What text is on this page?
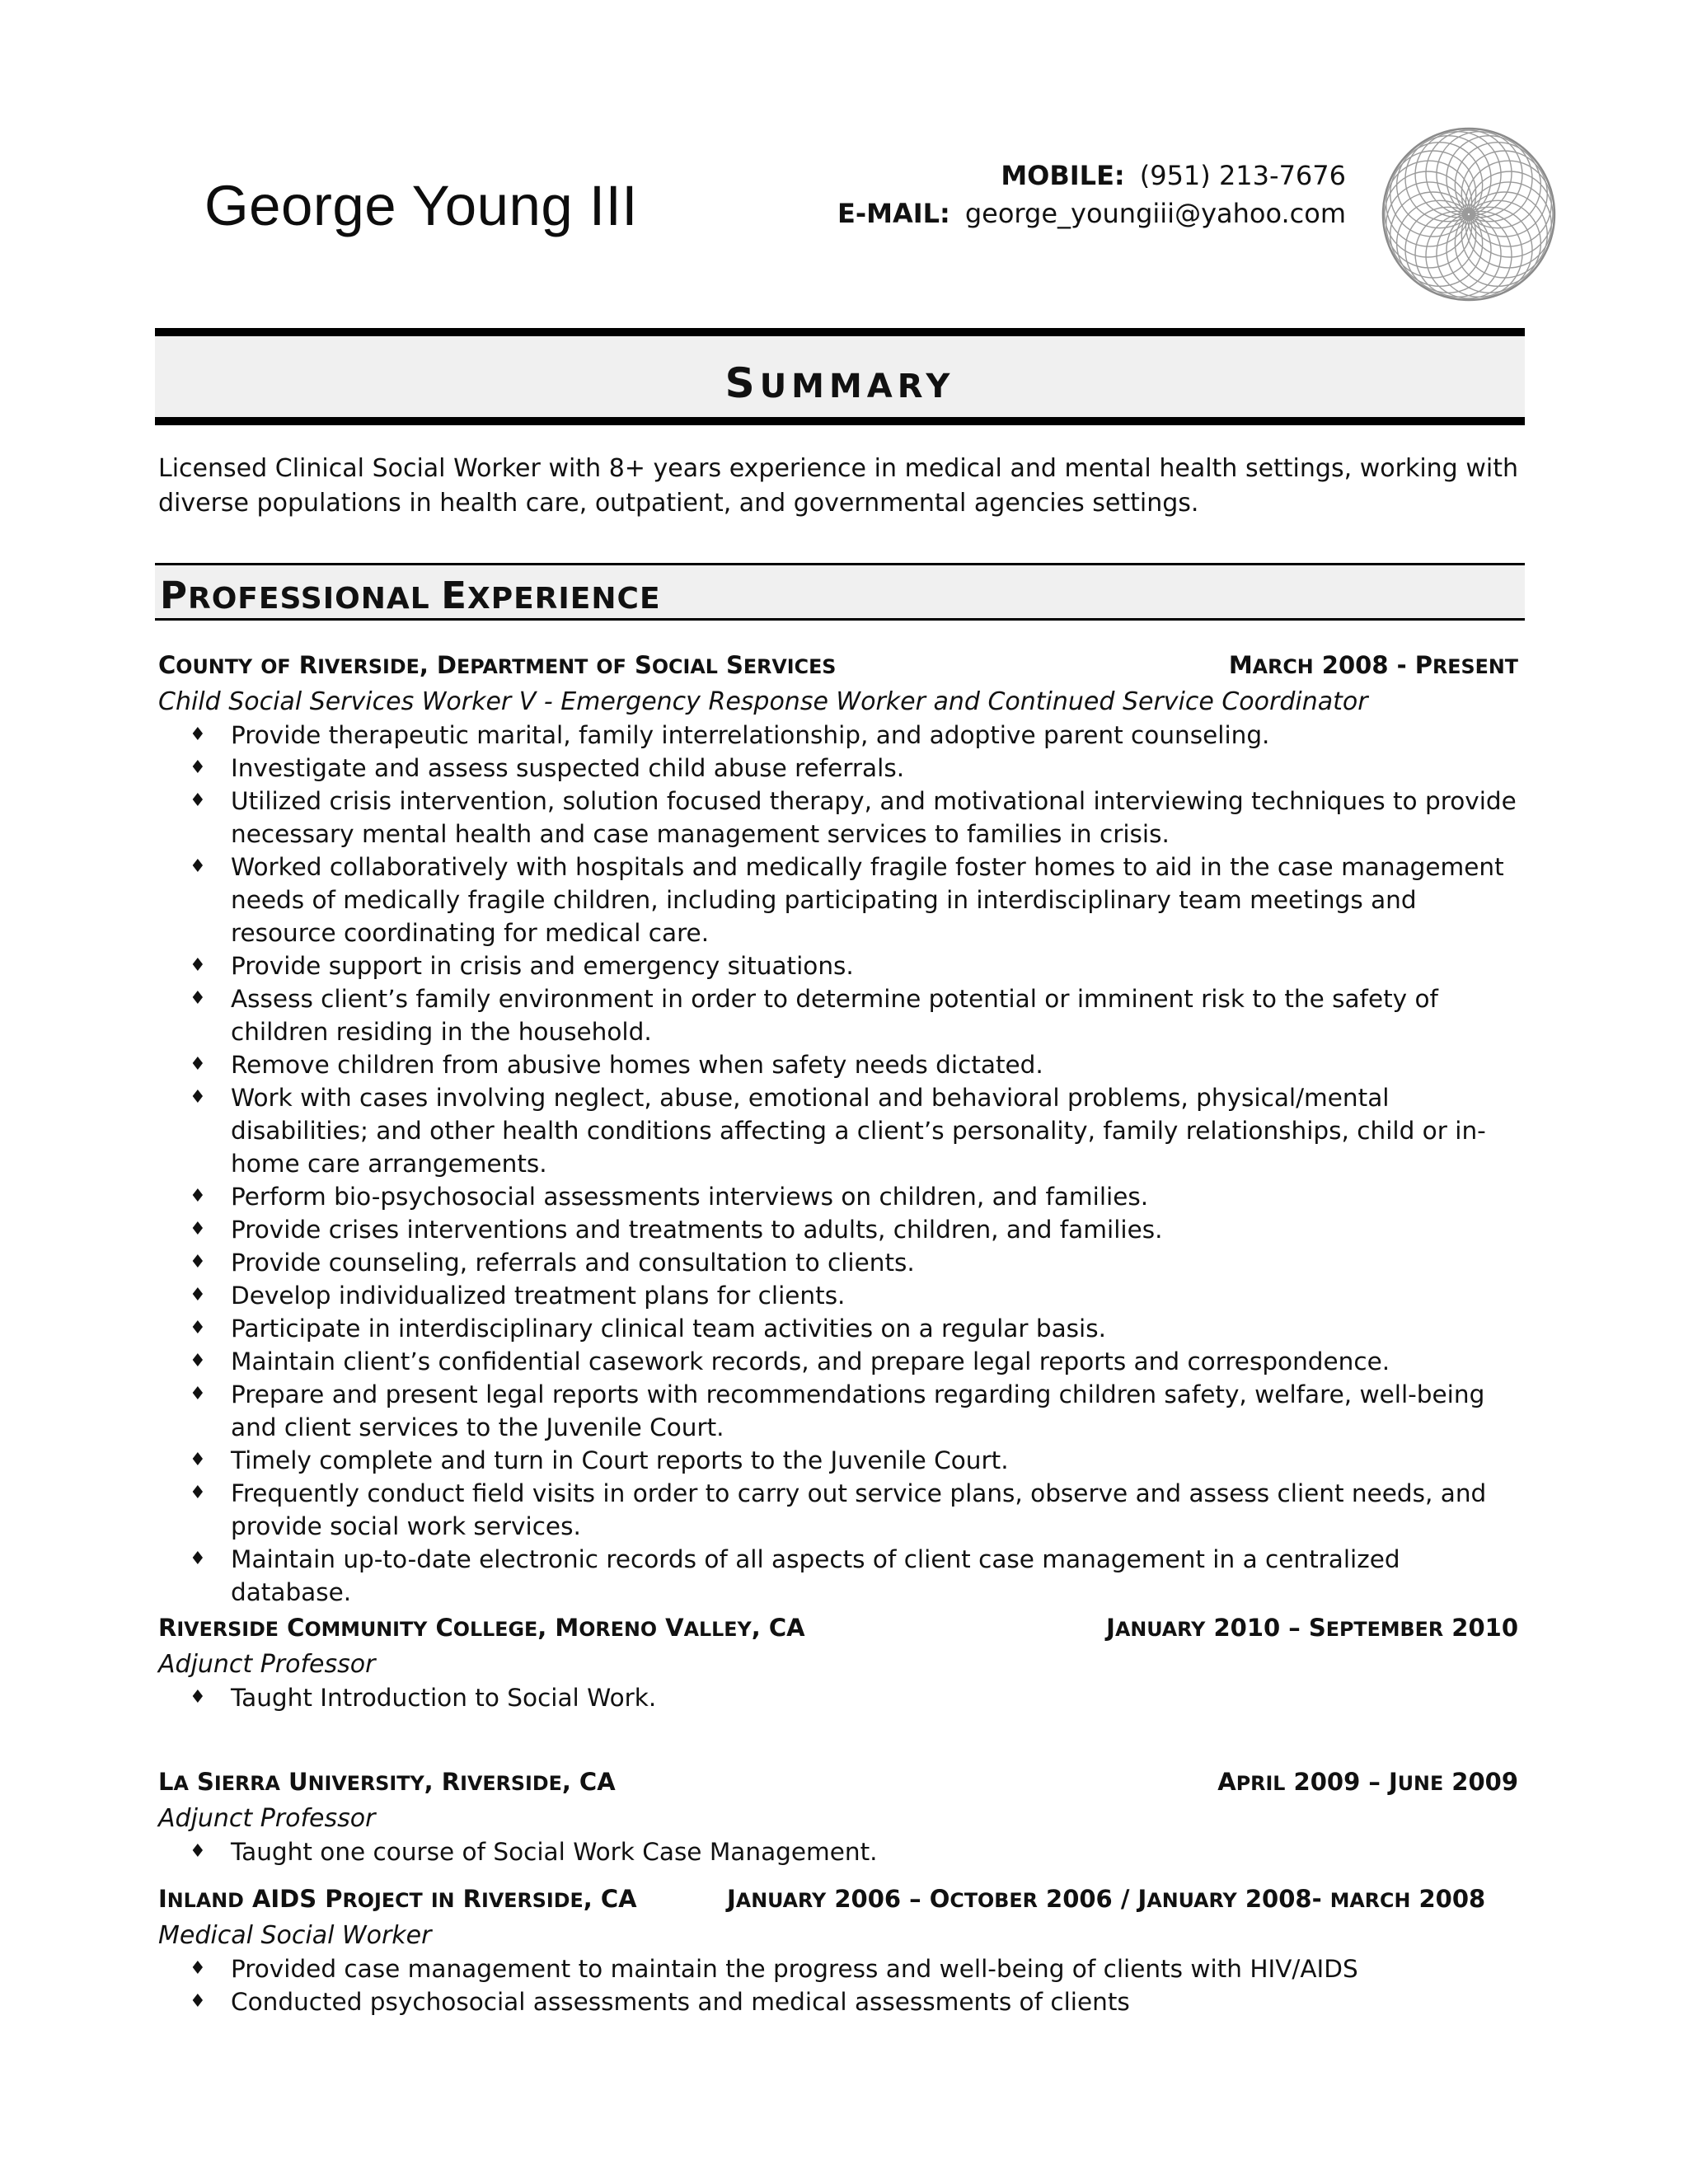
George Young III	MOBILE: (951) 213-7676
E-MAIL: george_youngiii@yahoo.com
SUMMARY
Licensed Clinical Social Worker with 8+ years experience in medical and mental health settings, working with diverse populations in health care, outpatient, and governmental agencies settings.
PROFESSIONAL EXPERIENCE
COUNTY OF RIVERSIDE, DEPARTMENT OF SOCIAL SERVICES	MARCH 2008 - PRESENT
Child Social Services Worker V - Emergency Response Worker and Continued Service Coordinator
♦ Provide therapeutic marital, family interrelationship, and adoptive parent counseling.
♦ Investigate and assess suspected child abuse referrals.
♦ Utilized crisis intervention, solution focused therapy, and motivational interviewing techniques to provide necessary mental health and case management services to families in crisis.
♦ Worked collaboratively with hospitals and medically fragile foster homes to aid in the case management needs of medically fragile children, including participating in interdisciplinary team meetings and resource coordinating for medical care.
♦ Provide support in crisis and emergency situations.
♦ Assess client’s family environment in order to determine potential or imminent risk to the safety of children residing in the household.
♦ Remove children from abusive homes when safety needs dictated.
♦ Work with cases involving neglect, abuse, emotional and behavioral problems, physical/mental disabilities; and other health conditions affecting a client’s personality, family relationships, child or in-home care arrangements.
♦ Perform bio-psychosocial assessments interviews on children, and families.
♦ Provide crises interventions and treatments to adults, children, and families.
♦ Provide counseling, referrals and consultation to clients.
♦ Develop individualized treatment plans for clients.
♦ Participate in interdisciplinary clinical team activities on a regular basis.
♦ Maintain client’s confidential casework records, and prepare legal reports and correspondence.
♦ Prepare and present legal reports with recommendations regarding children safety, welfare, well-being and client services to the Juvenile Court.
♦ Timely complete and turn in Court reports to the Juvenile Court.
♦ Frequently conduct field visits in order to carry out service plans, observe and assess client needs, and provide social work services.
♦ Maintain up-to-date electronic records of all aspects of client case management in a centralized database.
RIVERSIDE COMMUNITY COLLEGE, MORENO VALLEY, CA	JANUARY 2010 – SEPTEMBER 2010
Adjunct Professor
♦ Taught Introduction to Social Work.
LA SIERRA UNIVERSITY, RIVERSIDE, CA	APRIL 2009 – JUNE 2009
Adjunct Professor
♦ Taught one course of Social Work Case Management.
INLAND AIDS PROJECT IN RIVERSIDE, CA	JANUARY 2006 – OCTOBER 2006 / JANUARY 2008- MARCH 2008
Medical Social Worker
♦ Provided case management to maintain the progress and well-being of clients with HIV/AIDS
♦ Conducted psychosocial assessments and medical assessments of clients
